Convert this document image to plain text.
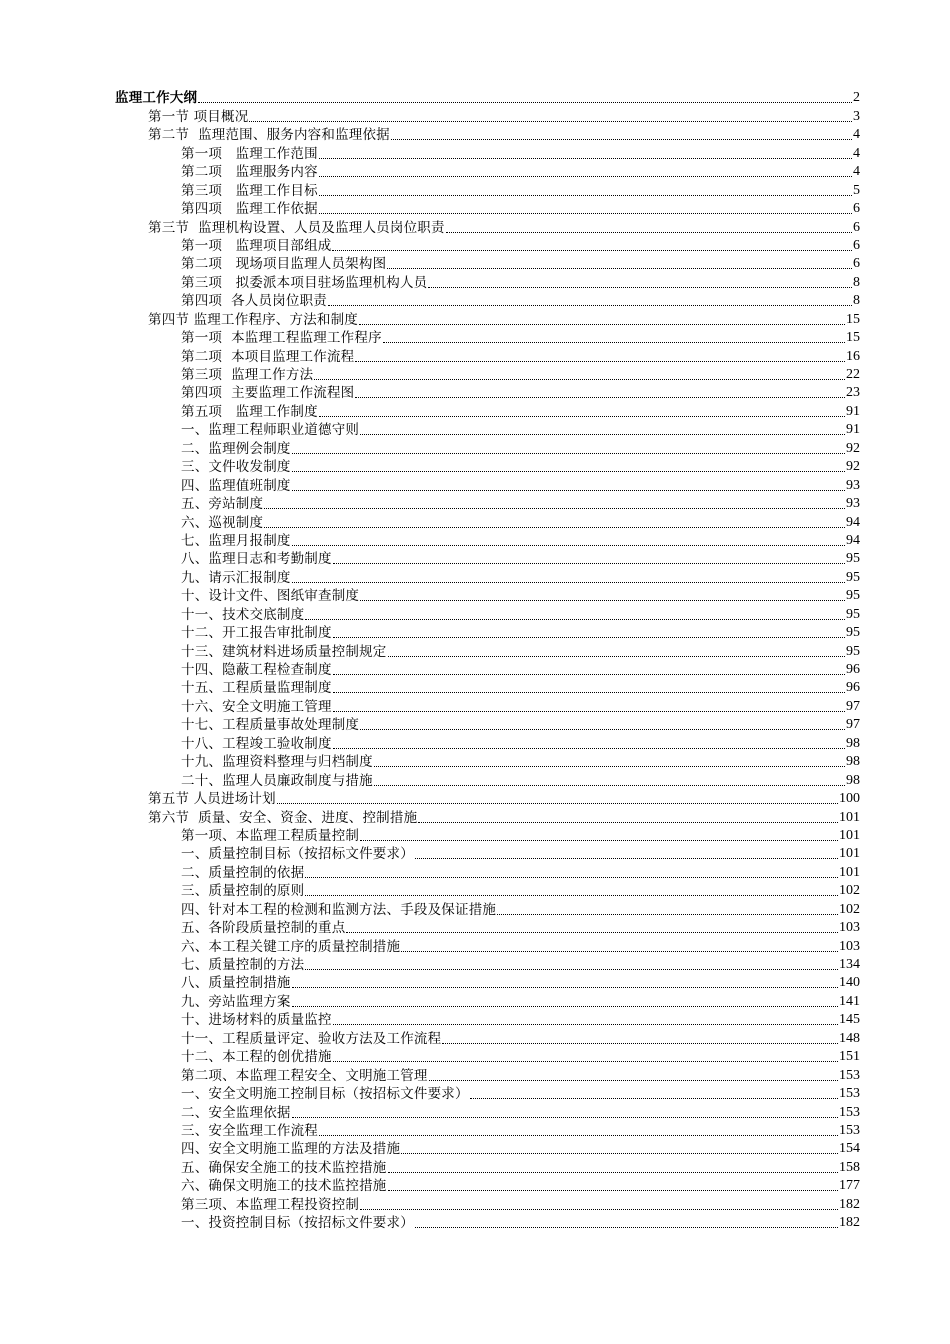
监理工作大纲	2
第一节 项目概况	3
第二节  监理范围、服务内容和监理依据	4
第一项   监理工作范围	4
第二项   监理服务内容	4
第三项   监理工作目标	5
第四项   监理工作依据	6
第三节  监理机构设置、人员及监理人员岗位职责	6
第一项   监理项目部组成	6
第二项   现场项目监理人员架构图	6
第三项   拟委派本项目驻场监理机构人员	8
第四项  各人员岗位职责	8
第四节 监理工作程序、方法和制度	15
第一项  本监理工程监理工作程序	15
第二项  本项目监理工作流程	16
第三项  监理工作方法	22
第四项  主要监理工作流程图	23
第五项   监理工作制度	91
一、监理工程师职业道德守则	91
二、监理例会制度	92
三、文件收发制度	92
四、监理值班制度	93
五、旁站制度	93
六、巡视制度	94
七、监理月报制度	94
八、监理日志和考勤制度	95
九、请示汇报制度	95
十、设计文件、图纸审查制度	95
十一、技术交底制度	95
十二、开工报告审批制度	95
十三、建筑材料进场质量控制规定	95
十四、隐蔽工程检查制度	96
十五、工程质量监理制度	96
十六、安全文明施工管理	97
十七、工程质量事故处理制度	97
十八、工程竣工验收制度	98
十九、监理资料整理与归档制度	98
二十、监理人员廉政制度与措施	98
第五节 人员进场计划	100
第六节  质量、安全、资金、进度、控制措施	101
第一项、本监理工程质量控制	101
一、质量控制目标（按招标文件要求）	101
二、质量控制的依据	101
三、质量控制的原则	102
四、针对本工程的检测和监测方法、手段及保证措施	102
五、各阶段质量控制的重点	103
六、本工程关键工序的质量控制措施	103
七、质量控制的方法	134
八、质量控制措施	140
九、旁站监理方案	141
十、进场材料的质量监控	145
十一、工程质量评定、验收方法及工作流程	148
十二、本工程的创优措施	151
第二项、本监理工程安全、文明施工管理	153
一、安全文明施工控制目标（按招标文件要求）	153
二、安全监理依据	153
三、安全监理工作流程	153
四、安全文明施工监理的方法及措施	154
五、确保安全施工的技术监控措施	158
六、确保文明施工的技术监控措施	177
第三项、本监理工程投资控制	182
一、投资控制目标（按招标文件要求）	182
